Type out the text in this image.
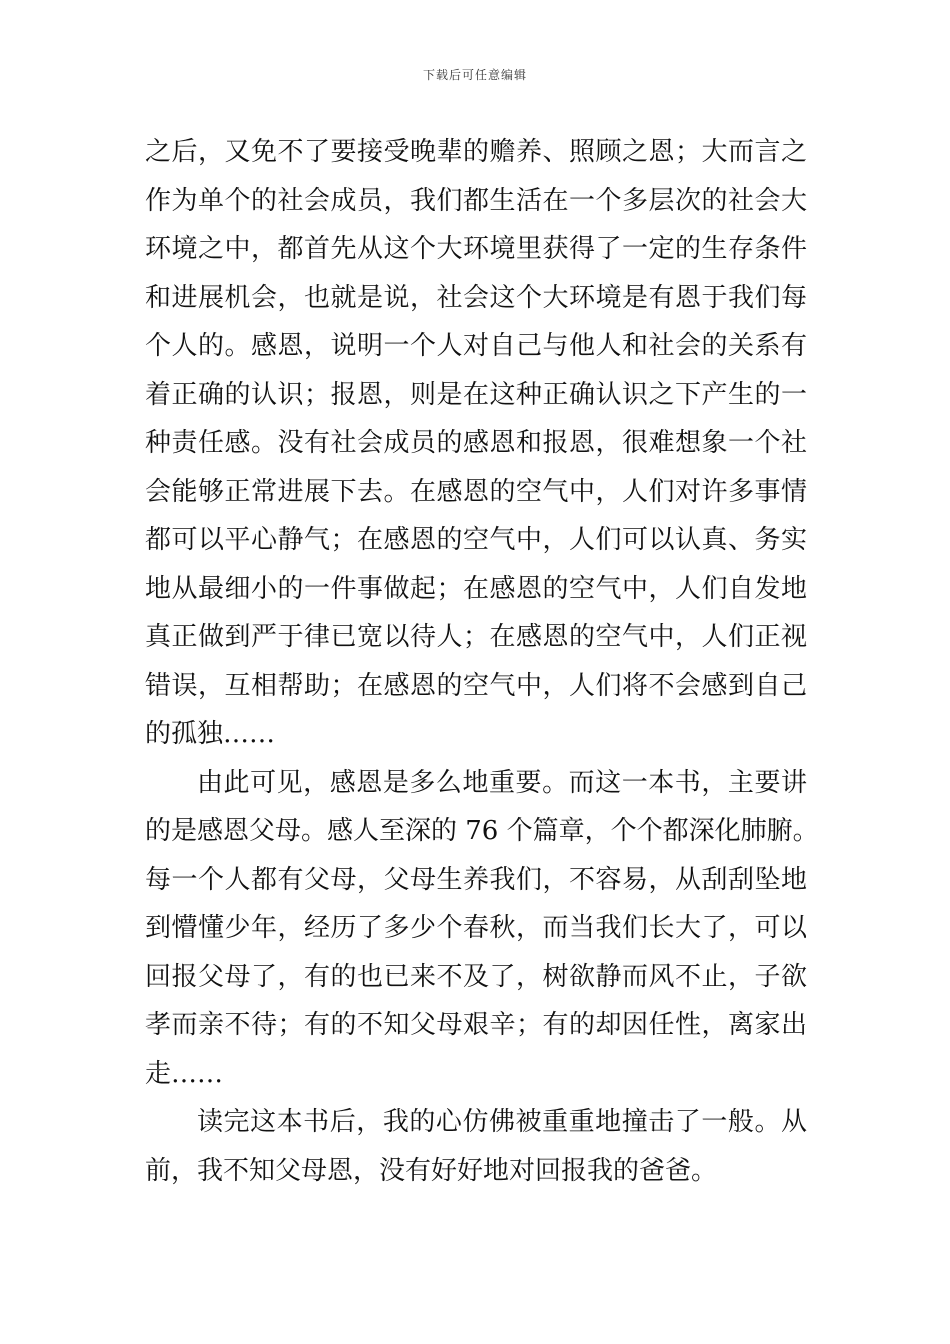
下载后可任意编辑
之后，又免不了要接受晚辈的赡养、照顾之恩；大而言之
作为单个的社会成员，我们都生活在一个多层次的社会大
环境之中，都首先从这个大环境里获得了一定的生存条件
和进展机会，也就是说，社会这个大环境是有恩于我们每
个人的。感恩，说明一个人对自己与他人和社会的关系有
着正确的认识；报恩，则是在这种正确认识之下产生的一
种责任感。没有社会成员的感恩和报恩，很难想象一个社
会能够正常进展下去。在感恩的空气中，人们对许多事情
都可以平心静气；在感恩的空气中，人们可以认真、务实
地从最细小的一件事做起；在感恩的空气中，人们自发地
真正做到严于律已宽以待人；在感恩的空气中，人们正视
错误，互相帮助；在感恩的空气中，人们将不会感到自己
的孤独……
由此可见，感恩是多么地重要。而这一本书，主要讲
的是感恩父母。感人至深的 76 个篇章，个个都深化肺腑。
每一个人都有父母，父母生养我们，不容易，从刮刮坠地
到懵懂少年，经历了多少个春秋，而当我们长大了，可以
回报父母了，有的也已来不及了，树欲静而风不止，子欲
孝而亲不待；有的不知父母艰辛；有的却因任性，离家出
走……
读完这本书后，我的心仿佛被重重地撞击了一般。从
前，我不知父母恩，没有好好地对回报我的爸爸。
